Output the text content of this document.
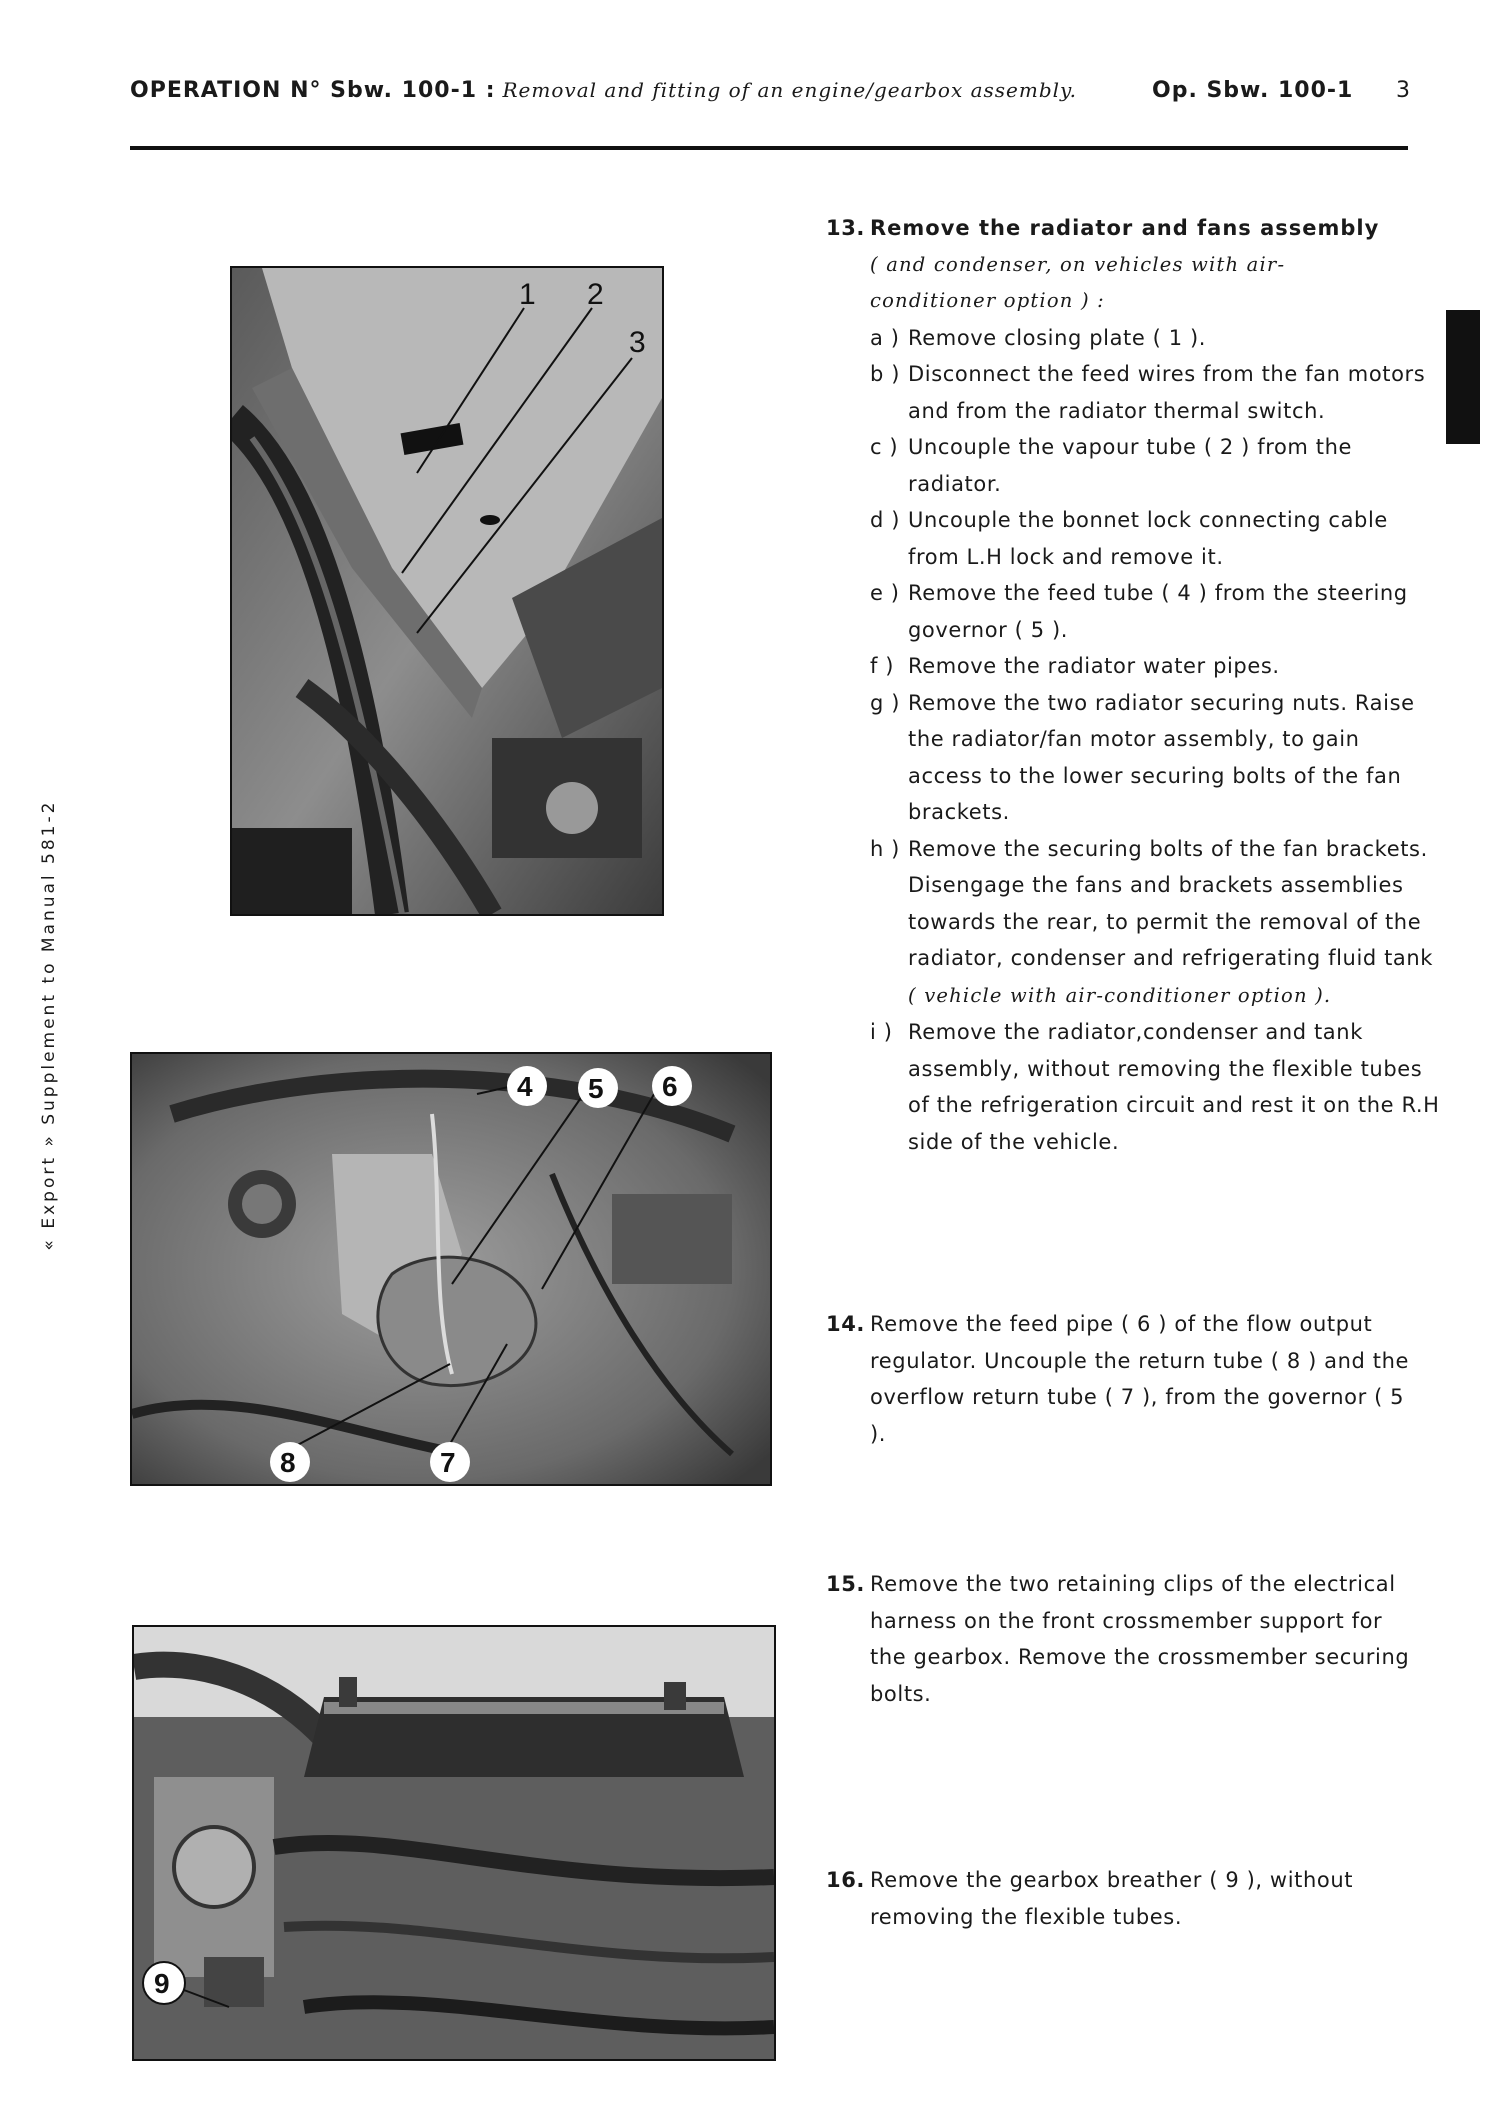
OPERATION N° Sbw. 100-1 : Removal and fitting of an engine/gearbox assembly.	Op. Sbw. 100-1 3
« Export » Supplement to Manual 581-2
1 2
3
4 5 6
8	7
9
13. Remove the radiator and fans assembly

( and condenser, on vehicles with air-conditioner option ) :

a ) Remove closing plate ( 1 ).
b ) Disconnect the feed wires from the fan motors and from the radiator thermal switch.
c ) Uncouple the vapour tube ( 2 ) from the radiator.
d ) Uncouple the bonnet lock connecting cable from L.H lock and remove it.
e ) Remove the feed tube ( 4 ) from the steering governor ( 5 ).
f ) Remove the radiator water pipes.
g ) Remove the two radiator securing nuts. Raise the radiator/fan motor assembly, to gain access to the lower securing bolts of the fan brackets.
h ) Remove the securing bolts of the fan brackets. Disengage the fans and brackets assemblies towards the rear, to permit the removal of the radiator, condenser and refrigerating fluid tank ( vehicle with air-conditioner option ).
i ) Remove the radiator,condenser and tank assembly, without removing the flexible tubes of the refrigeration circuit and rest it on the R.H side of the vehicle.
14. Remove the feed pipe ( 6 ) of the flow output regulator. Uncouple the return tube ( 8 ) and the overflow return tube ( 7 ), from the governor ( 5 ).
15. Remove the two retaining clips of the electrical harness on the front crossmember support for the gearbox. Remove the crossmember securing bolts.
16. Remove the gearbox breather ( 9 ), without removing the flexible tubes.
